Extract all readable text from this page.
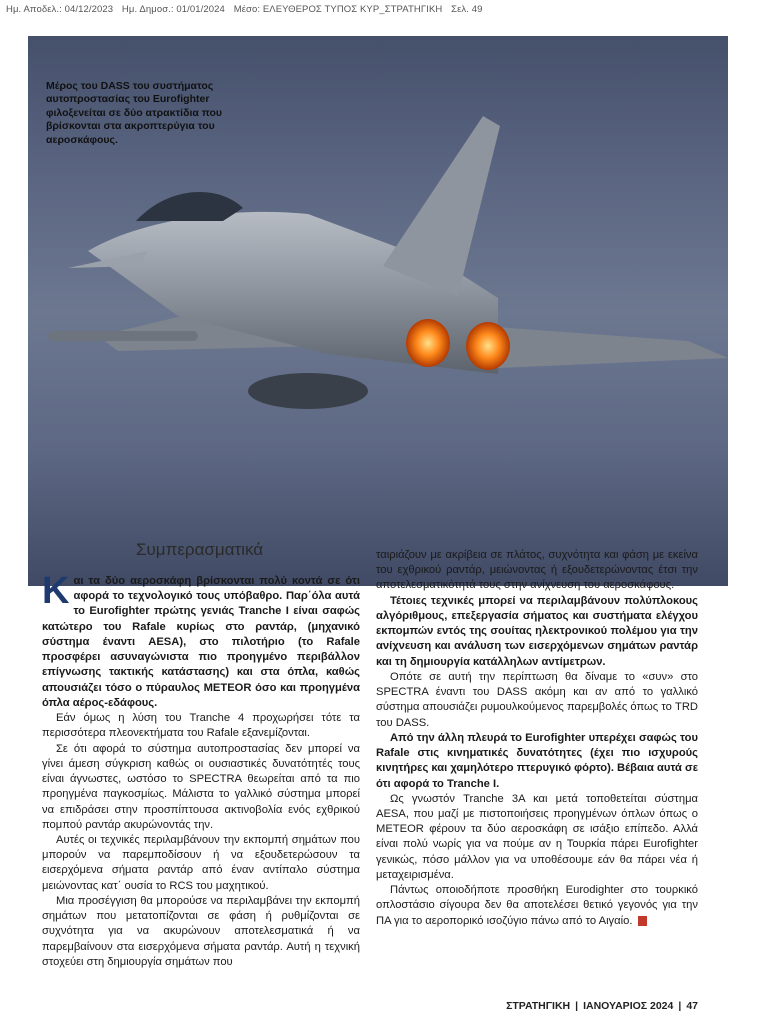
Ημ. Αποδελ.: 04/12/2023 Ημ. Δημοσ.: 01/01/2024 Μέσο: ΕΛΕΥΘΕΡΟΣ ΤΥΠΟΣ ΚΥΡ_ΣΤΡΑΤΗΓΙΚΗ Σελ. 49
Μέρος του DASS του συστήματος αυτοπροστασίας του Eurofighter φιλοξενείται σε δύο ατρακτίδια που βρίσκονται στα ακροπτερύγια του αεροσκάφους.
Συμπερασματικά

Και τα δύο αεροσκάφη βρίσκονται πολύ κοντά σε ότι αφορά το τεχνολογικό τους υπόβαθρο. Παρ΄όλα αυτά το Eurofighter πρώτης γενιάς Tranche I είναι σαφώς κατώτερο του Rafale κυρίως στο ραντάρ, (μηχανικό σύστημα έναντι AESA), στο πιλοτήριο (το Rafale προσφέρει ασυναγώνιστα πιο προηγμένο περιβάλλον επίγνωσης τακτικής κατάστασης) και στα όπλα, καθώς απουσιάζει τόσο ο πύραυλος METEOR όσο και προηγμένα όπλα αέρος-εδάφους.

Εάν όμως η λύση του Tranche 4 προχωρήσει τότε τα περισσότερα πλεονεκτήματα του Rafale εξανεμίζονται.

Σε ότι αφορά το σύστημα αυτοπροστασίας δεν μπορεί να γίνει άμεση σύγκριση καθώς οι ουσιαστικές δυνατότητές τους είναι άγνωστες, ωστόσο το SPECTRA θεωρείται από τα πιο προηγμένα παγκοσμίως. Μάλιστα το γαλλικό σύστημα μπορεί να επιδράσει στην προσπίπτουσα ακτινοβολία ενός εχθρικού πομπού ραντάρ ακυρώνοντάς την.

Αυτές οι τεχνικές περιλαμβάνουν την εκπομπή σημάτων που μπορούν να παρεμποδίσουν ή να εξουδετερώσουν τα εισερχόμενα σήματα ραντάρ από έναν αντίπαλο σύστημα μειώνοντας κατ΄ ουσία το RCS του μαχητικού.

Μια προσέγγιση θα μπορούσε να περιλαμβάνει την εκπομπή σημάτων που μετατοπίζονται σε φάση ή ρυθμίζονται σε συχνότητα για να ακυρώνουν αποτελεσματικά ή να παρεμβαίνουν στα εισερχόμενα σήματα ραντάρ. Αυτή η τεχνική στοχεύει στη δημιουργία σημάτων που

ταιριάζουν με ακρίβεια σε πλάτος, συχνότητα και φάση με εκείνα του εχθρικού ραντάρ, μειώνοντας ή εξουδετερώνοντας έτσι την αποτελεσματικότητά τους στην ανίχνευση του αεροσκάφους.

Τέτοιες τεχνικές μπορεί να περιλαμβάνουν πολύπλοκους αλγόριθμους, επεξεργασία σήματος και συστήματα ελέγχου εκπομπών εντός της σουίτας ηλεκτρονικού πολέμου για την ανίχνευση και ανάλυση των εισερχόμενων σημάτων ραντάρ και τη δημιουργία κατάλληλων αντίμετρων.

Οπότε σε αυτή την περίπτωση θα δίναμε το «συν» στο SPECTRA έναντι του DASS ακόμη και αν από το γαλλικό σύστημα απουσιάζει ρυμουλκούμενος παρεμβολές όπως το TRD του DASS.

Από την άλλη πλευρά το Eurofighter υπερέχει σαφώς του Rafale στις κινηματικές δυνατότητες (έχει πιο ισχυρούς κινητήρες και χαμηλότερο πτερυγικό φόρτο). Βέβαια αυτά σε ότι αφορά το Tranche I.

Ως γνωστόν Tranche 3A και μετά τοποθετείται σύστημα AESA, που μαζί με πιστοποιήσεις προηγμένων όπλων όπως ο METEOR φέρουν τα δύο αεροσκάφη σε ισάξιο επίπεδο. Αλλά είναι πολύ νωρίς για να πούμε αν η Τουρκία πάρει Eurofighter γενικώς, πόσο μάλλον για να υποθέσουμε εάν θα πάρει νέα ή μεταχειρισμένα.

Πάντως οποιοδήποτε προσθήκη Eurodighter στο τουρκικό οπλοστάσιο σίγουρα δεν θα αποτελέσει θετικό γεγονός για την ΠΑ για το αεροπορικό ισοζύγιο πάνω από το Αιγαίο.

ΣΤΡΑΤΗΓΙΚΗ | ΙΑΝΟΥΑΡΙΟΣ 2024 | 47
